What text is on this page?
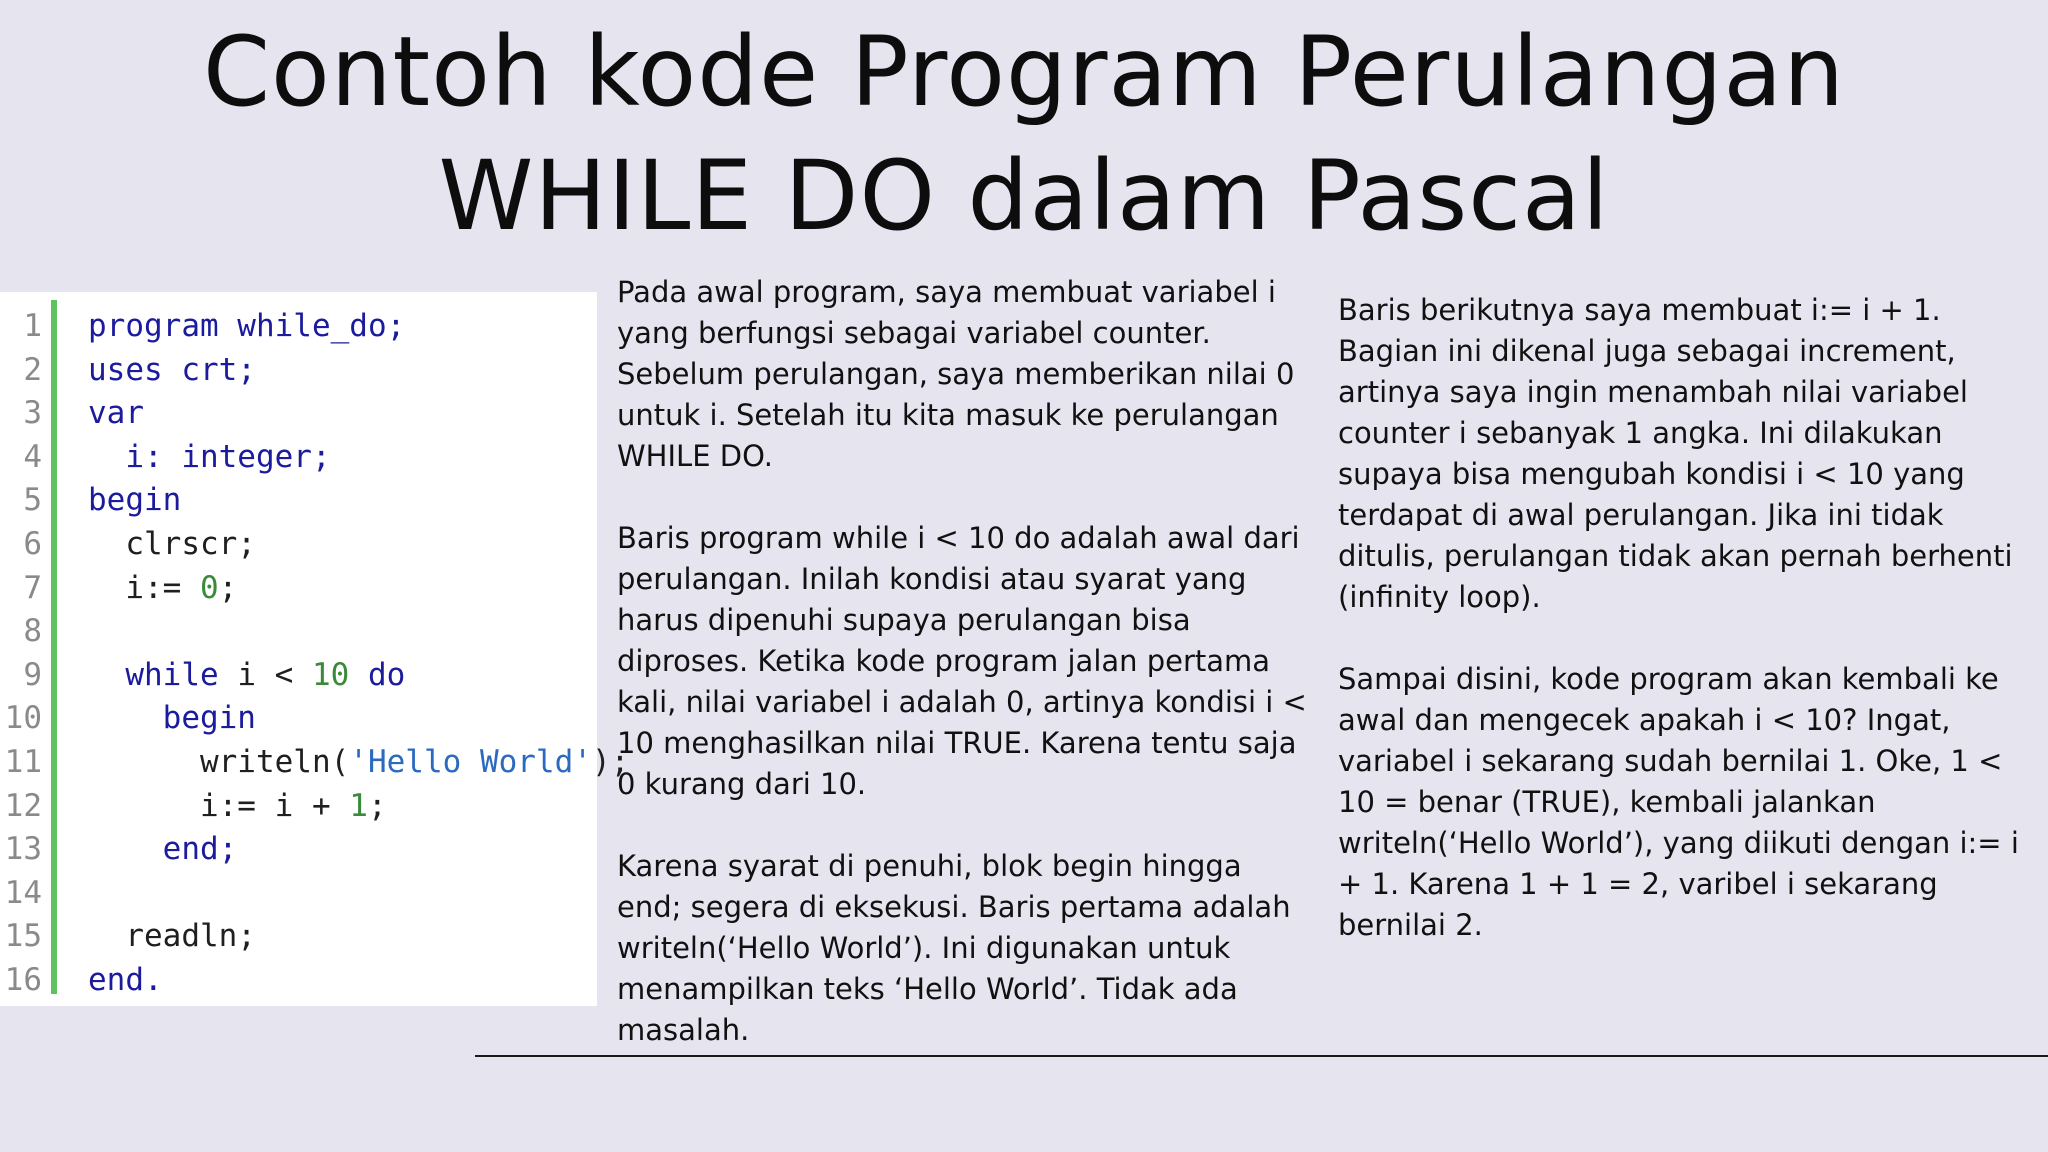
Contoh kode Program Perulangan WHILE DO dalam Pascal
1 program while_do;
2 uses crt;
3 var
4	i: integer;
5 begin
6	clrscr;
7	i:= 0;
8
9	while i < 10 do
10	begin
11	writeln('Hello World');
12	i:= i + 1;
13	end;
14
15	readln;
16 end.

Pada awal program, saya membuat variabel i yang berfungsi sebagai variabel counter. Sebelum perulangan, saya memberikan nilai 0 untuk i. Setelah itu kita masuk ke perulangan WHILE DO.

Baris program while i < 10 do adalah awal dari perulangan. Inilah kondisi atau syarat yang harus dipenuhi supaya perulangan bisa diproses. Ketika kode program jalan pertama kali, nilai variabel i adalah 0, artinya kondisi i < 10 menghasilkan nilai TRUE. Karena tentu saja 0 kurang dari 10.

Karena syarat di penuhi, blok begin hingga end; segera di eksekusi. Baris pertama adalah writeln(‘Hello World’). Ini digunakan untuk menampilkan teks ‘Hello World’. Tidak ada masalah.

Baris berikutnya saya membuat i:= i + 1. Bagian ini dikenal juga sebagai increment, artinya saya ingin menambah nilai variabel counter i sebanyak 1 angka. Ini dilakukan supaya bisa mengubah kondisi i < 10 yang terdapat di awal perulangan. Jika ini tidak ditulis, perulangan tidak akan pernah berhenti (infinity loop).

Sampai disini, kode program akan kembali ke awal dan mengecek apakah i < 10? Ingat, variabel i sekarang sudah bernilai 1. Oke, 1 < 10 = benar (TRUE), kembali jalankan writeln(‘Hello World’), yang diikuti dengan i:= i + 1. Karena 1 + 1 = 2, varibel i sekarang bernilai 2.
